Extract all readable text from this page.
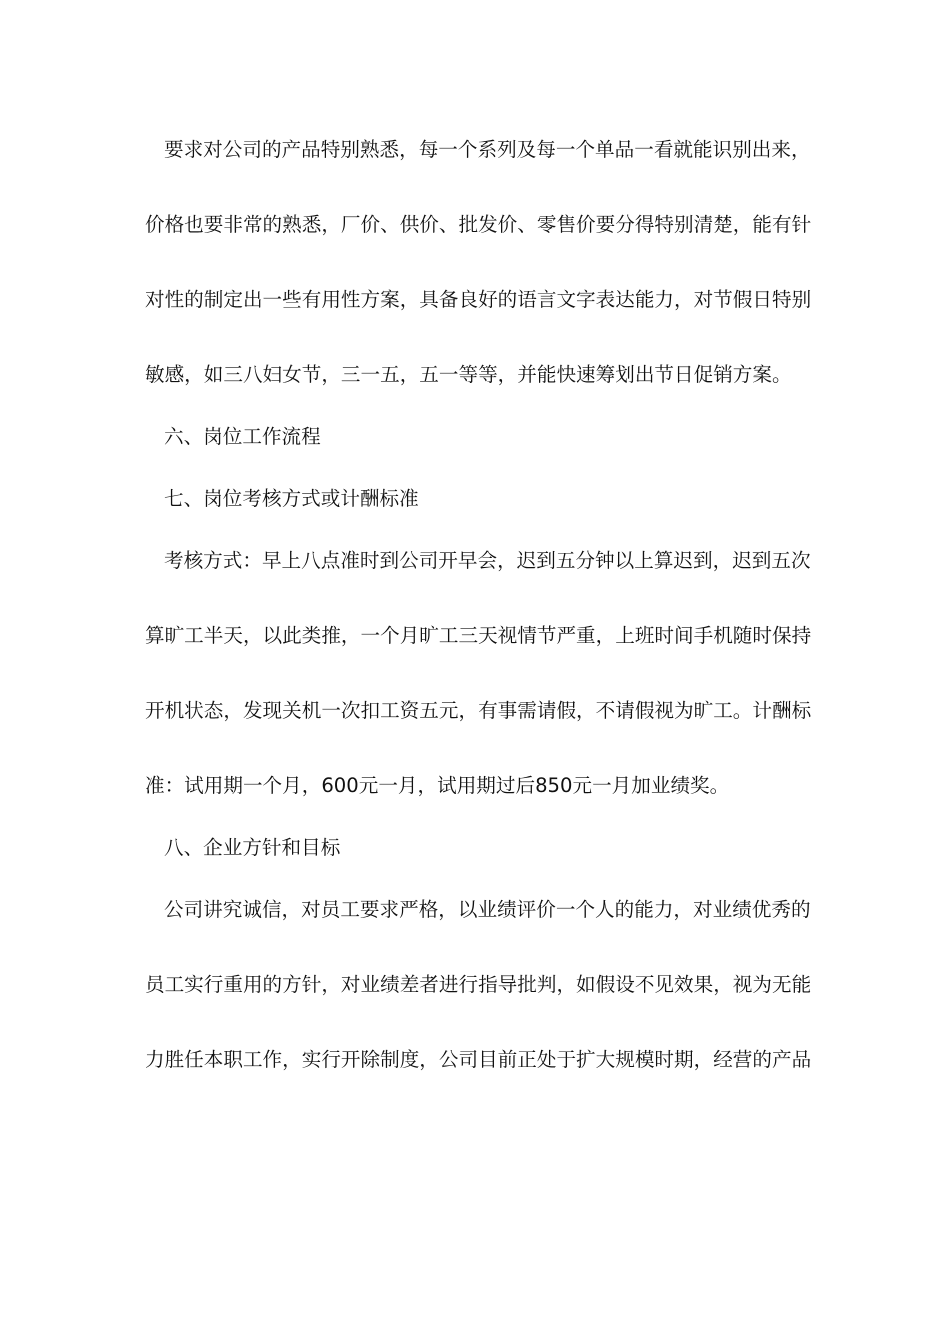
要求对公司的产品特别熟悉，每一个系列及每一个单品一看就能识别出来，
价格也要非常的熟悉，厂价、供价、批发价、零售价要分得特别清楚，能有针
对性的制定出一些有用性方案，具备良好的语言文字表达能力，对节假日特别
敏感，如三八妇女节，三一五，五一等等，并能快速筹划出节日促销方案。
六、岗位工作流程
七、岗位考核方式或计酬标准
考核方式：早上八点准时到公司开早会，迟到五分钟以上算迟到，迟到五次
算旷工半天，以此类推，一个月旷工三天视情节严重，上班时间手机随时保持
开机状态，发现关机一次扣工资五元，有事需请假，不请假视为旷工。计酬标
准：试用期一个月，600元一月，试用期过后850元一月加业绩奖。
八、企业方针和目标
公司讲究诚信，对员工要求严格，以业绩评价一个人的能力，对业绩优秀的
员工实行重用的方针，对业绩差者进行指导批判，如假设不见效果，视为无能
力胜任本职工作，实行开除制度，公司目前正处于扩大规模时期，经营的产品
